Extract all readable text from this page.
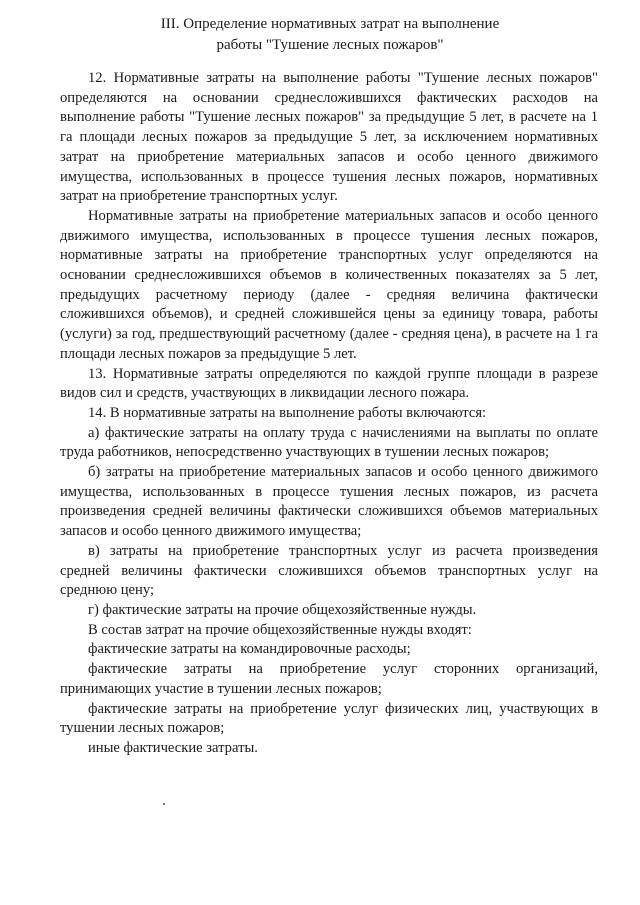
III. Определение нормативных затрат на выполнение
работы "Тушение лесных пожаров"

12. Нормативные затраты на выполнение работы "Тушение лесных пожаров" определяются на основании среднесложившихся фактических расходов на выполнение работы "Тушение лесных пожаров" за предыдущие 5 лет, в расчете на 1 га площади лесных пожаров за предыдущие 5 лет, за исключением нормативных затрат на приобретение материальных запасов и особо ценного движимого имущества, использованных в процессе тушения лесных пожаров, нормативных затрат на приобретение транспортных услуг.

Нормативные затраты на приобретение материальных запасов и особо ценного движимого имущества, использованных в процессе тушения лесных пожаров, нормативные затраты на приобретение транспортных услуг определяются на основании среднесложившихся объемов в количественных показателях за 5 лет, предыдущих расчетному периоду (далее - средняя величина фактически сложившихся объемов), и средней сложившейся цены за единицу товара, работы (услуги) за год, предшествующий расчетному (далее - средняя цена), в расчете на 1 га площади лесных пожаров за предыдущие 5 лет.

13. Нормативные затраты определяются по каждой группе площади в разрезе видов сил и средств, участвующих в ликвидации лесного пожара.

14. В нормативные затраты на выполнение работы включаются:

а) фактические затраты на оплату труда с начислениями на выплаты по оплате труда работников, непосредственно участвующих в тушении лесных пожаров;

б) затраты на приобретение материальных запасов и особо ценного движимого имущества, использованных в процессе тушения лесных пожаров, из расчета произведения средней величины фактически сложившихся объемов материальных запасов и особо ценного движимого имущества;

в) затраты на приобретение транспортных услуг из расчета произведения средней величины фактически сложившихся объемов транспортных услуг на среднюю цену;

г) фактические затраты на прочие общехозяйственные нужды.

В состав затрат на прочие общехозяйственные нужды входят:

фактические затраты на командировочные расходы;

фактические затраты на приобретение услуг сторонних организаций, принимающих участие в тушении лесных пожаров;

фактические затраты на приобретение услуг физических лиц, участвующих в тушении лесных пожаров;

иные фактические затраты.
